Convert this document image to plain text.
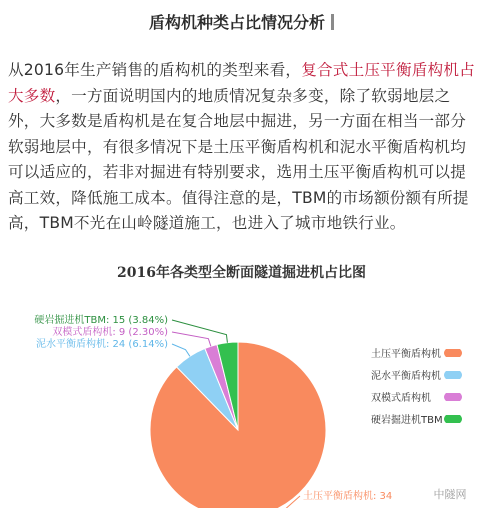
盾构机种类占比情况分析
从2016年生产销售的盾构机的类型来看，复合式土压平衡盾构机占大多数，一方面说明国内的地质情况复杂多变，除了软弱地层之外，大多数是盾构机是在复合地层中掘进，另一方面在相当一部分软弱地层中，有很多情况下是土压平衡盾构机和泥水平衡盾构机均可以适应的，若非对掘进有特别要求，选用土压平衡盾构机可以提高工效，降低施工成本。值得注意的是，TBM的市场额份额有所提高，TBM不光在山岭隧道施工，也进入了城市地铁行业。
2016年各类型全断面隧道掘进机占比图
土压平衡盾构机: 34
泥水平衡盾构机: 24 (6.14%)
双模式盾构机: 9 (2.30%)
硬岩掘进机TBM: 15 (3.84%)
土压平衡盾构机
泥水平衡盾构机
双模式盾构机
硬岩掘进机TBM
中隧网
